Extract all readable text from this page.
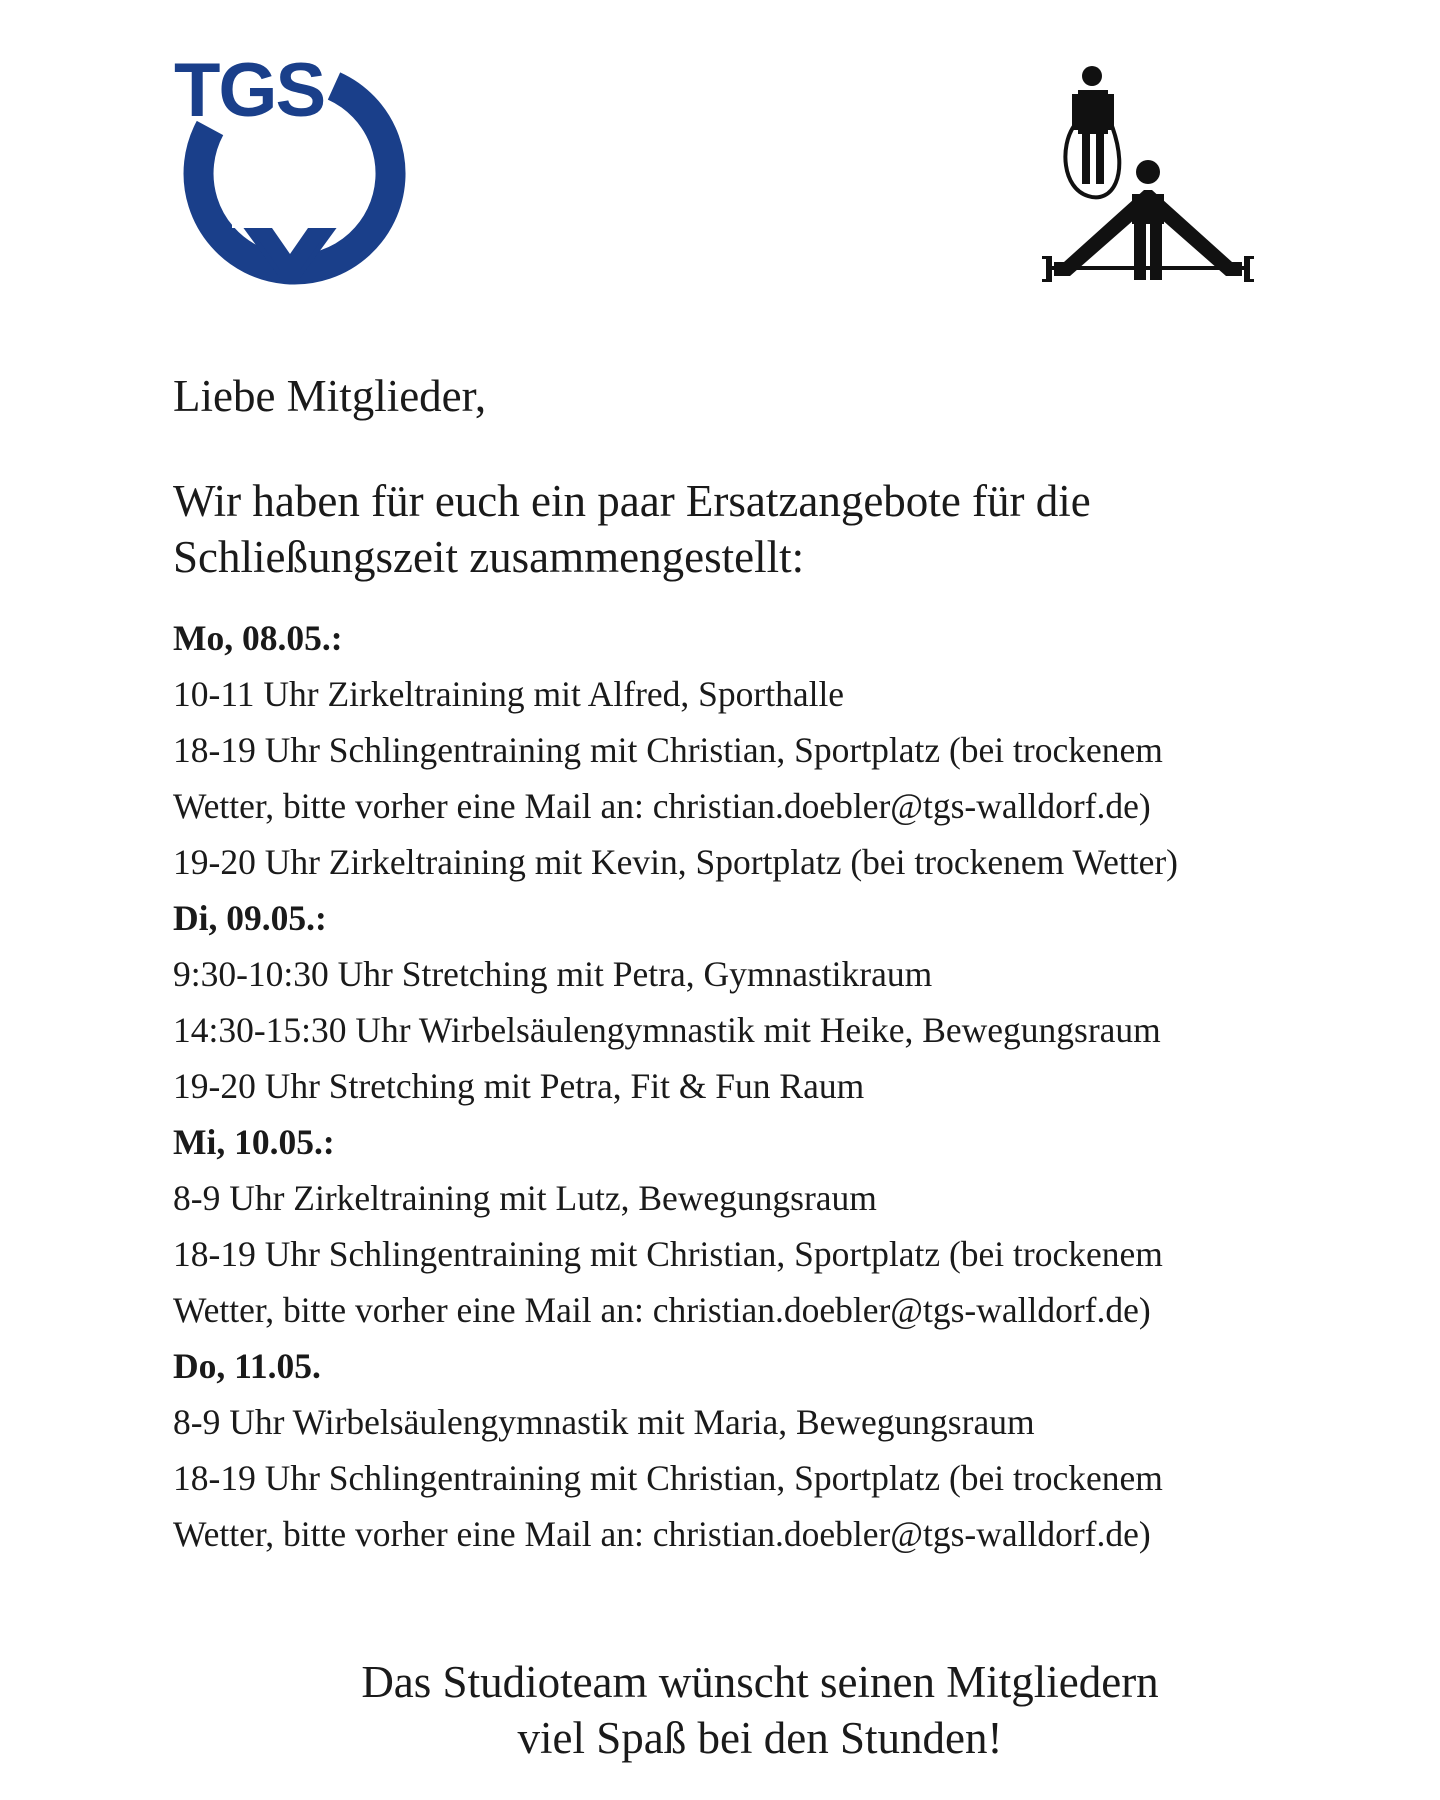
TGS

Liebe Mitglieder,

Wir haben für euch ein paar Ersatzangebote für die
Schließungszeit zusammengestellt:

Mo, 08.05.:

10-11 Uhr Zirkeltraining mit Alfred, Sporthalle

18-19 Uhr Schlingentraining mit Christian, Sportplatz (bei trockenem

Wetter, bitte vorher eine Mail an: christian.doebler@tgs-walldorf.de)

19-20 Uhr Zirkeltraining mit Kevin, Sportplatz (bei trockenem Wetter)

Di, 09.05.:

9:30-10:30 Uhr Stretching mit Petra, Gymnastikraum

14:30-15:30 Uhr Wirbelsäulengymnastik mit Heike, Bewegungsraum

19-20 Uhr Stretching mit Petra, Fit & Fun Raum

Mi, 10.05.:

8-9 Uhr Zirkeltraining mit Lutz, Bewegungsraum

18-19 Uhr Schlingentraining mit Christian, Sportplatz (bei trockenem

Wetter, bitte vorher eine Mail an: christian.doebler@tgs-walldorf.de)

Do, 11.05.

8-9 Uhr Wirbelsäulengymnastik mit Maria, Bewegungsraum

18-19 Uhr Schlingentraining mit Christian, Sportplatz (bei trockenem

Wetter, bitte vorher eine Mail an: christian.doebler@tgs-walldorf.de)

Das Studioteam wünscht seinen Mitgliedern
viel Spaß bei den Stunden!
